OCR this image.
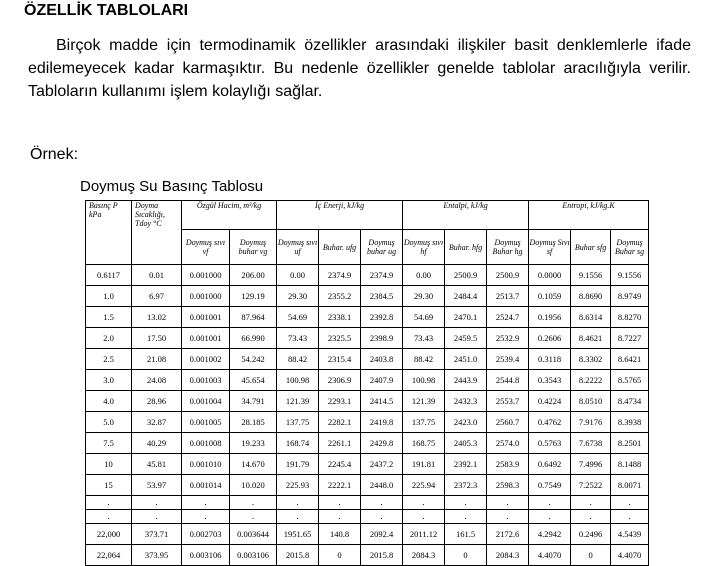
ÖZELLİK TABLOLARI
Birçok madde için termodinamik özellikler arasındaki ilişkiler basit denklemlerle ifade edilemeyecek kadar karmaşıktır. Bu nedenle özellikler genelde tablolar aracılığıyla verilir. Tabloların kullanımı işlem kolaylığı sağlar.
Örnek:
Doymuş Su Basınç Tablosu
Basınç P kPa	Doyma Sıcaklığı, Tdoy °C	Özgül Hacim, m³/kg		İç Enerji, kJ/kg			Entalpi, kJ/kg			Entropi, kJ/kg.K		
		Doymuş sıvı vf	Doymuş buhar vg	Doymuş sıvı uf	Buhar. ufg	Doymuş buhar ug	Doymuş sıvı hf	Buhar. hfg	Doymuş Buhar hg	Doymuş Sıvı sf	Buhar sfg	Doymuş Buhar sg
0.6117	0.01	0.001000	206.00	0.00	2374.9	2374.9	0.00	2500.9	2500.9	0.0000	9.1556	9.1556
1.0	6.97	0.001000	129.19	29.30	2355.2	2384.5	29.30	2484.4	2513.7	0.1059	8.8690	8.9749
1.5	13.02	0.001001	87.964	54.69	2338.1	2392.8	54.69	2470.1	2524.7	0.1956	8.6314	8.8270
2.0	17.50	0.001001	66.990	73.43	2325.5	2398.9	73.43	2459.5	2532.9	0.2606	8.4621	8.7227
2.5	21.08	0.001002	54.242	88.42	2315.4	2403.8	88.42	2451.0	2539.4	0.3118	8.3302	8.6421
3.0	24.08	0.001003	45.654	100.98	2306.9	2407.9	100.98	2443.9	2544.8	0.3543	8.2222	8.5765
4.0	28.96	0.001004	34.791	121.39	2293.1	2414.5	121.39	2432.3	2553.7	0.4224	8.0510	8.4734
5.0	32.87	0.001005	28.185	137.75	2282.1	2419.8	137.75	2423.0	2560.7	0.4762	7.9176	8.3938
7.5	40.29	0.001008	19.233	168.74	2261.1	2429.8	168.75	2405.3	2574.0	0.5763	7.6738	8.2501
10	45.81	0.001010	14.670	191.79	2245.4	2437.2	191.81	2392.1	2583.9	0.6492	7.4996	8.1488
15	53.97	0.001014	10.020	225.93	2222.1	2448.0	225.94	2372.3	2598.3	0.7549	7.2522	8.0071
.	.	.	.	.	.	.	.	.	.	.	.	.
.	.	.	.	.	.	.	.	.	.	.	.	.
22,000	373.71	0.002703	0.003644	1951.65	140.8	2092.4	2011.12	161.5	2172.6	4.2942	0.2496	4.5439
22,064	373.95	0.003106	0.003106	2015.8	0	2015.8	2084.3	0	2084.3	4.4070	0	4.4070
